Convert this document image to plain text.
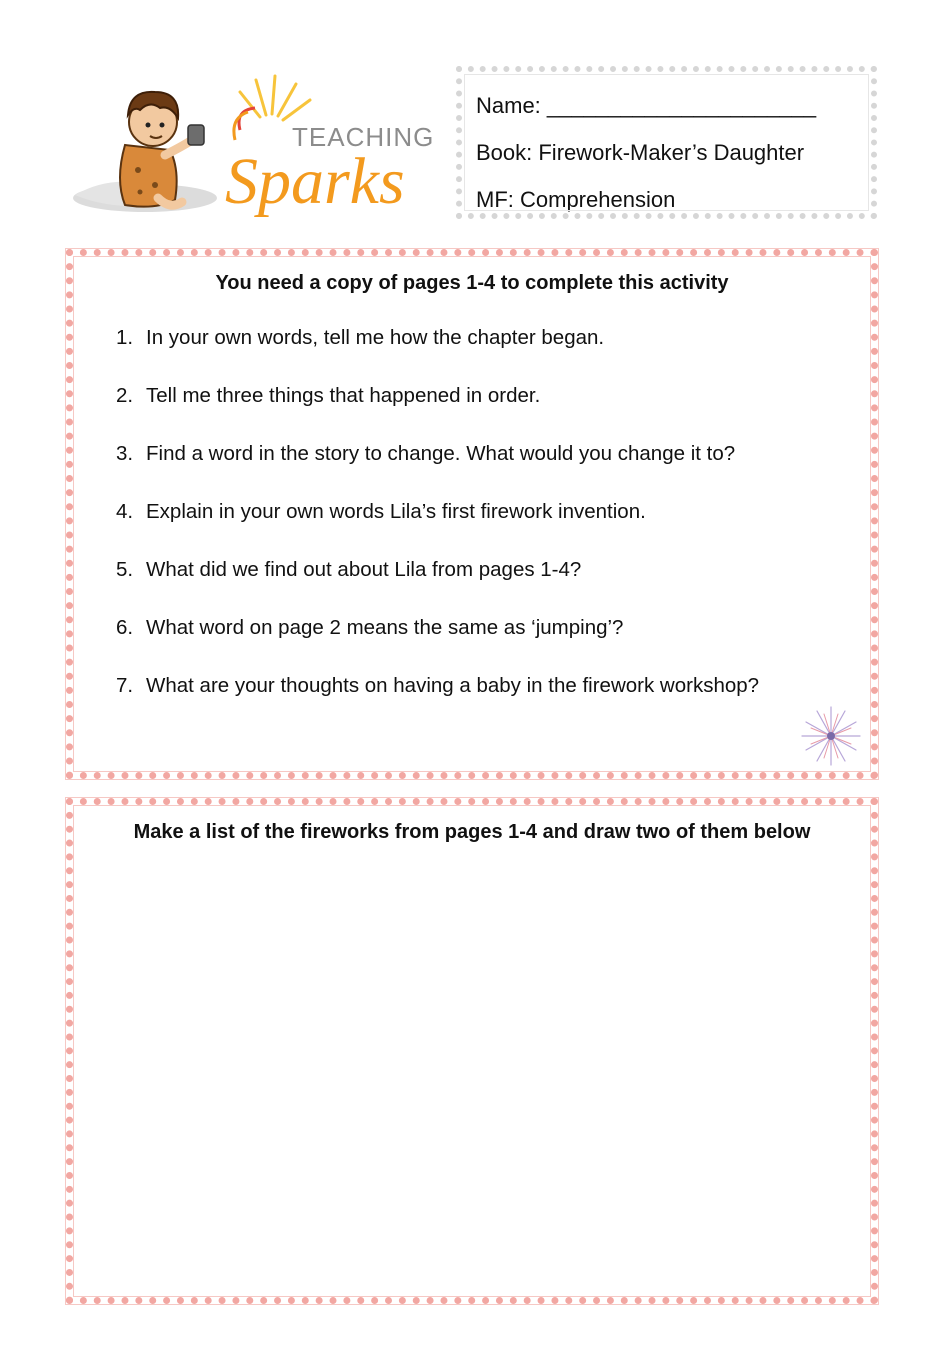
TEACHING
Sparks
Name: ______________________
Book: Firework-Maker’s Daughter
MF: Comprehension
You need a copy of pages 1-4 to complete this activity
1. In your own words, tell me how the chapter began.
2. Tell me three things that happened in order.
3. Find a word in the story to change. What would you change it to?
4. Explain in your own words Lila’s first firework invention.
5. What did we find out about Lila from pages 1-4?
6. What word on page 2 means the same as ‘jumping’?
7. What are your thoughts on having a baby in the firework workshop?
Make a list of the fireworks from pages 1-4 and draw two of them below
